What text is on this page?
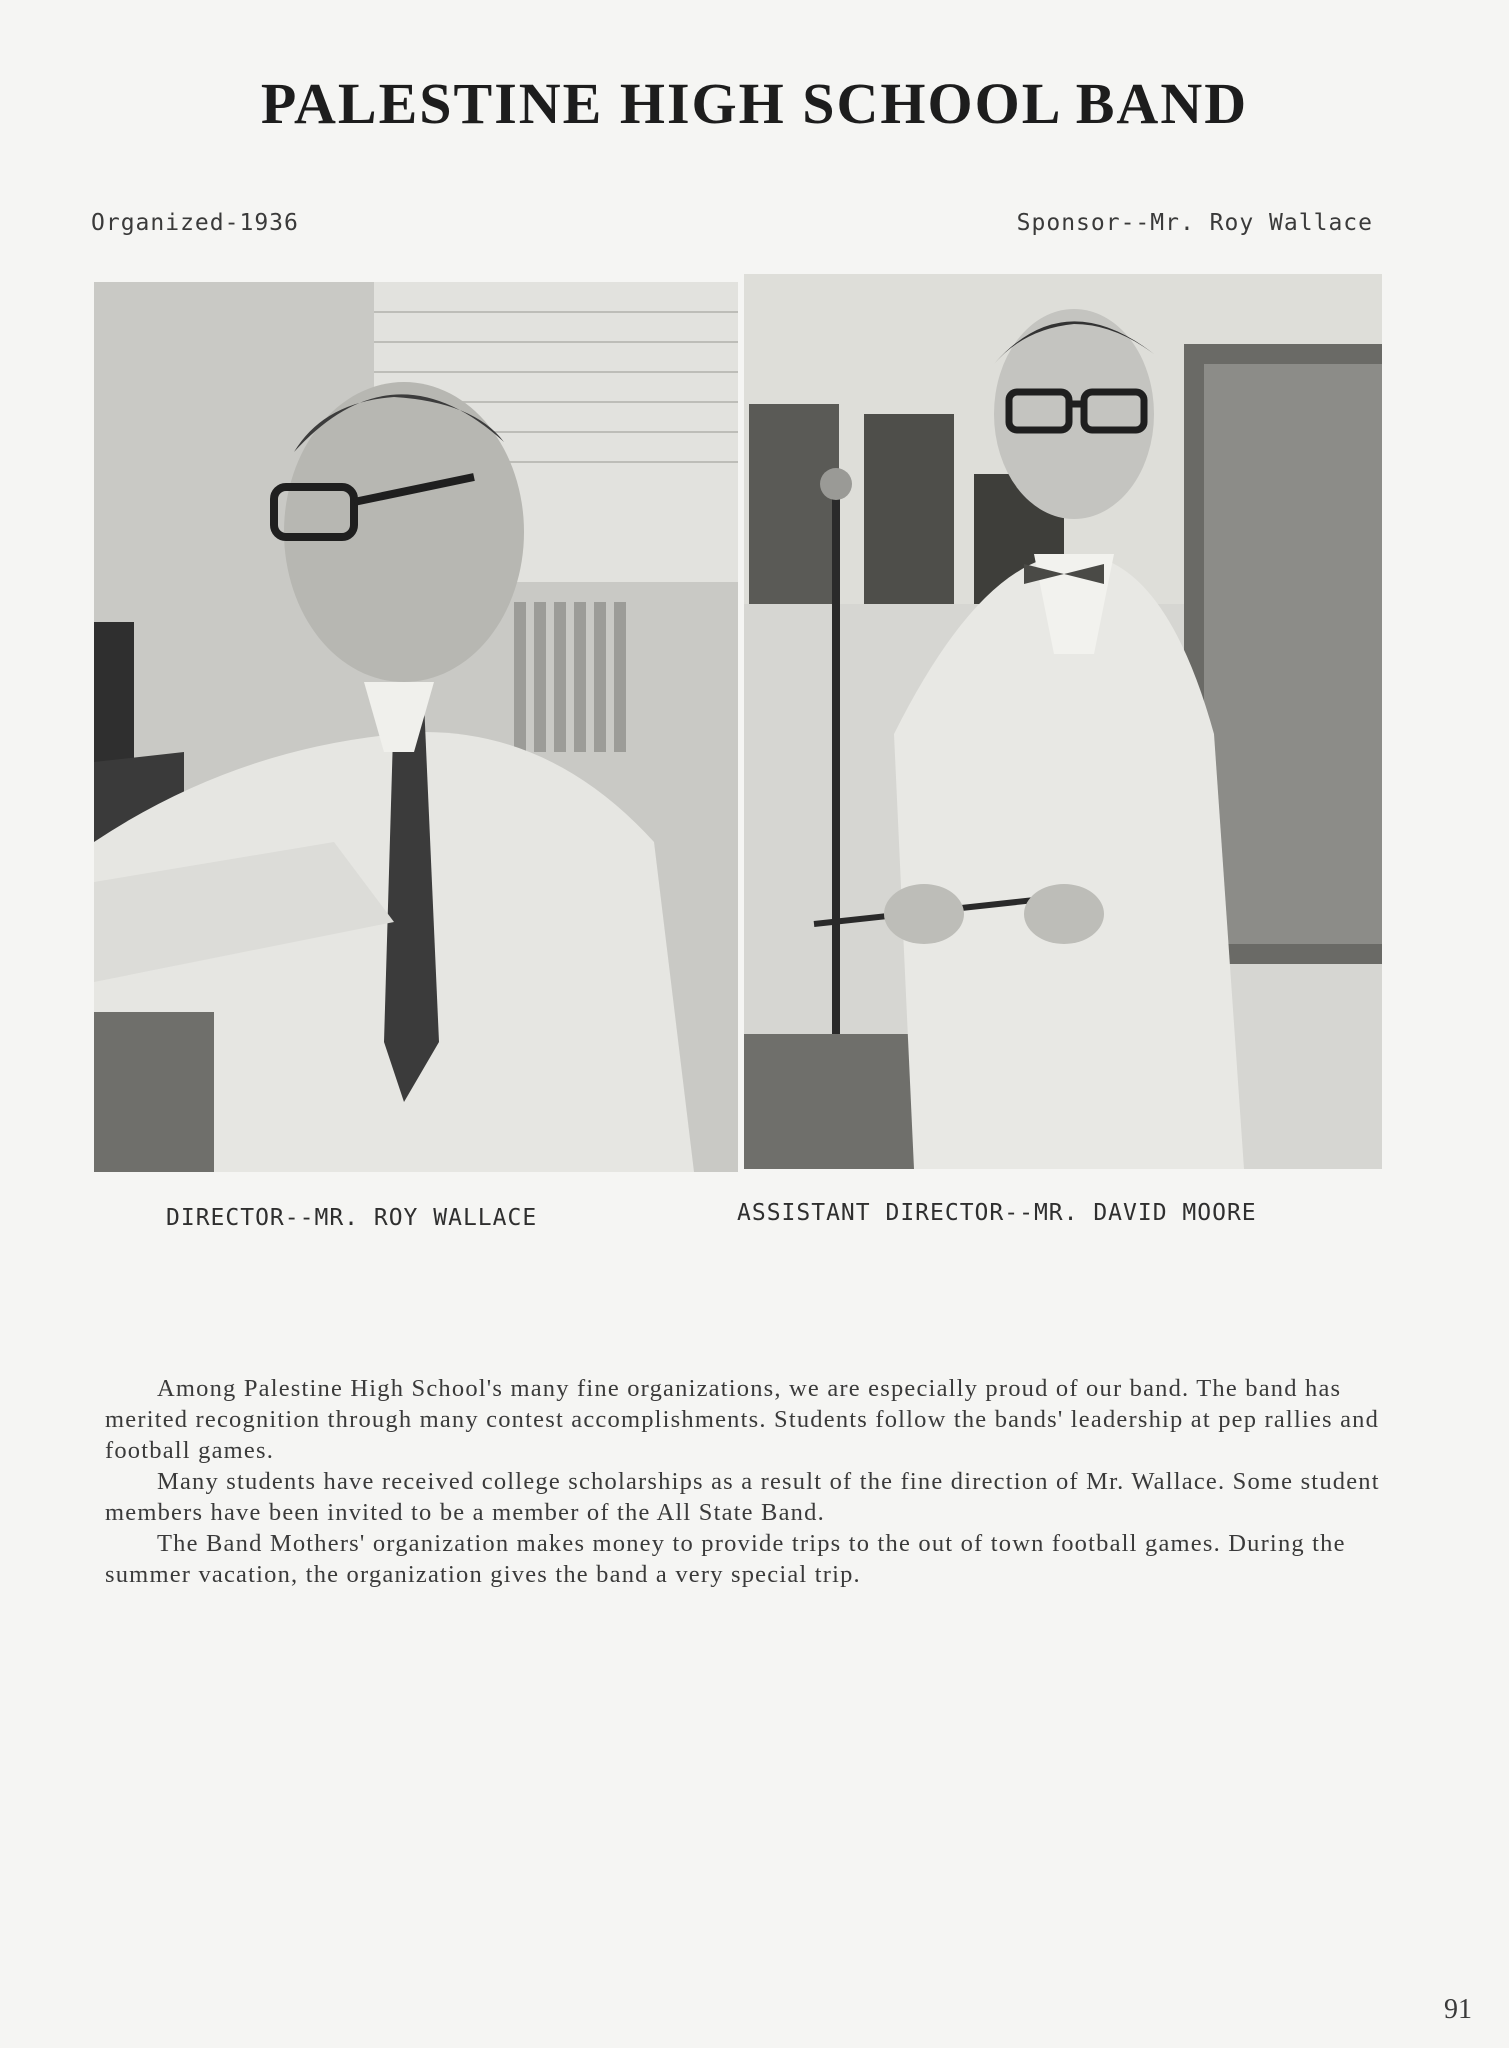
PALESTINE HIGH SCHOOL BAND
Organized-1936	Sponsor--Mr. Roy Wallace
DIRECTOR--MR. ROY WALLACE	ASSISTANT DIRECTOR--MR. DAVID MOORE

Among Palestine High School's many fine organizations, we are especially proud of our band. The band has merited recognition through many contest accomplishments. Students follow the bands' leadership at pep rallies and football games.

Many students have received college scholarships as a result of the fine direction of Mr. Wallace. Some student members have been invited to be a member of the All State Band.

The Band Mothers' organization makes money to provide trips to the out of town football games. During the summer vacation, the organization gives the band a very special trip.

91
